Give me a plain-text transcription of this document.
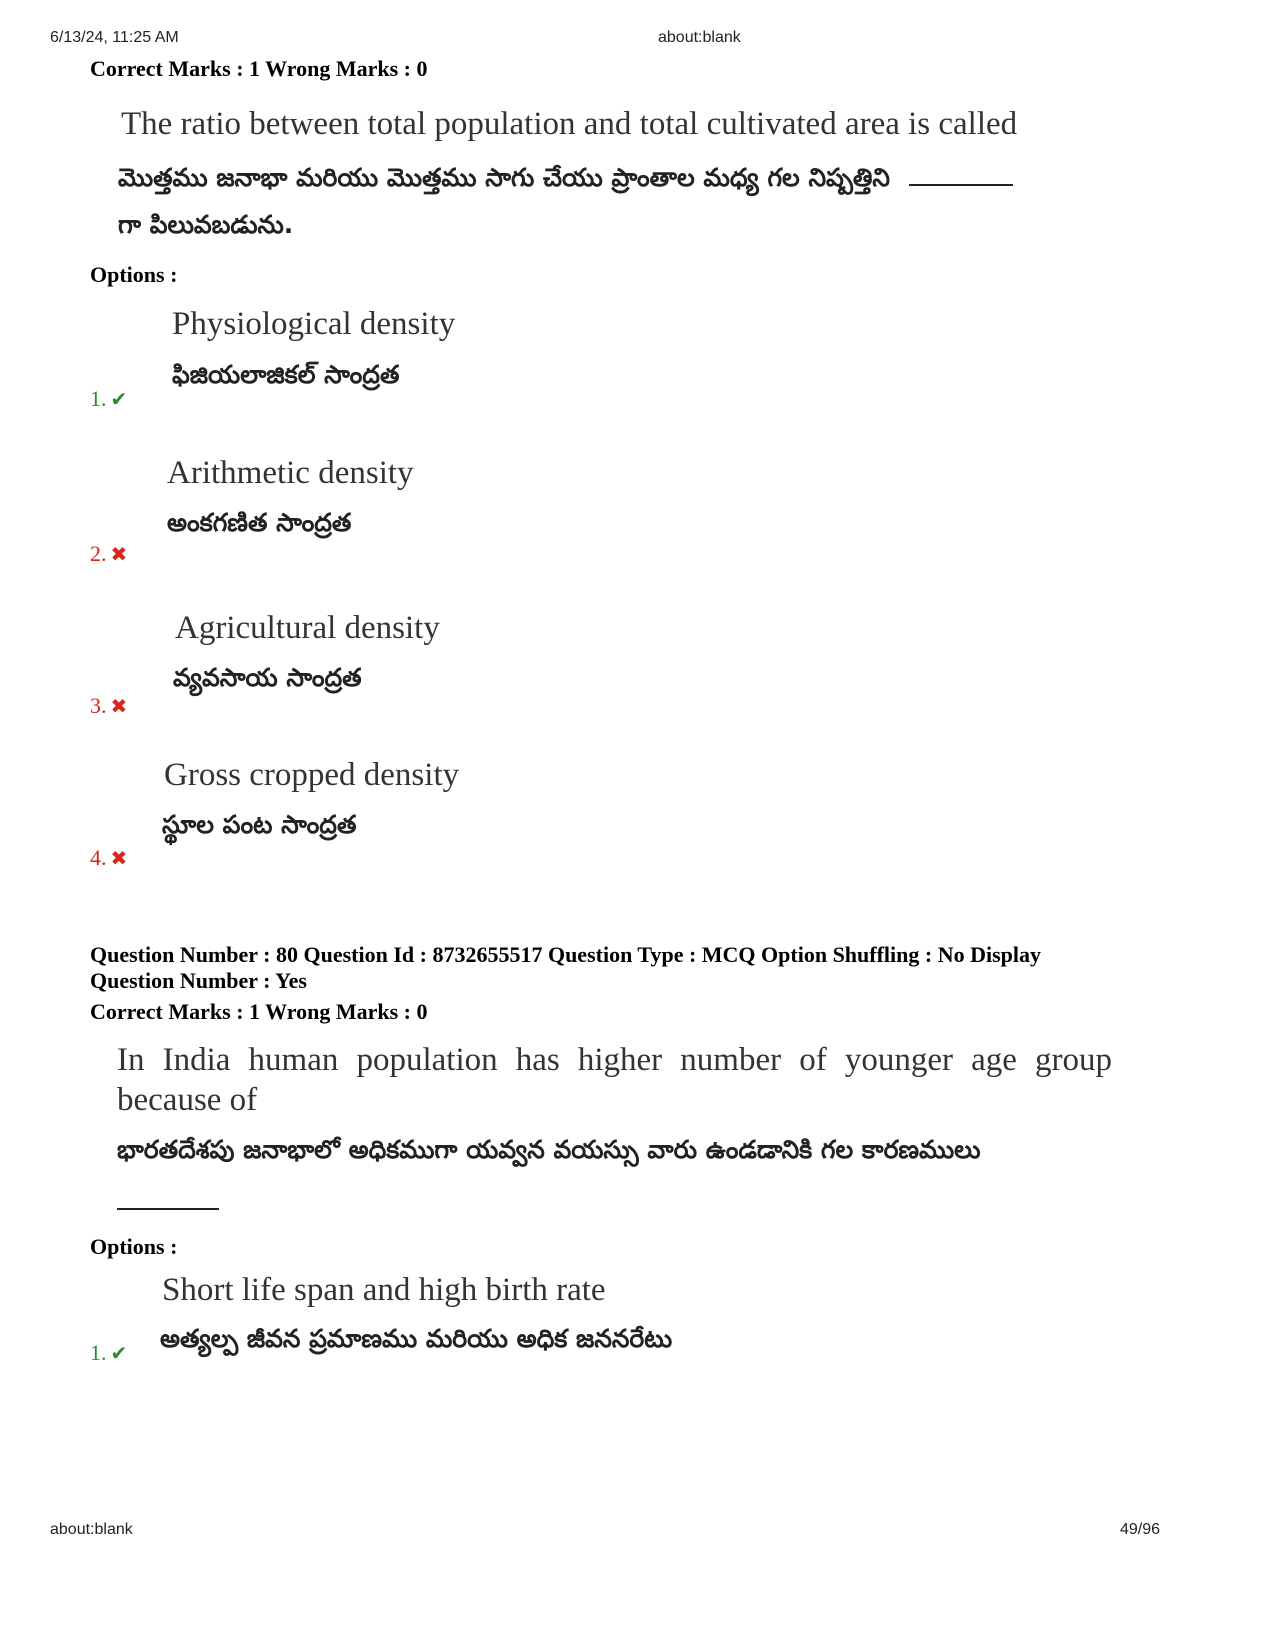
6/13/24, 11:25 AM	about:blank
Correct Marks : 1 Wrong Marks : 0
The ratio between total population and total cultivated area is called
మొత్తము జనాభా మరియు మొత్తము సాగు చేయు ప్రాంతాల మధ్య గల నిష్పత్తిని
గా పిలువబడును.
Options :
Physiological density
ఫిజియలాజికల్ సాంద్రత
1. ✔
Arithmetic density
అంకగణిత సాంద్రత
2. ✖
Agricultural density
వ్యవసాయ సాంద్రత
3. ✖
Gross cropped density
స్థూల పంట సాంద్రత
4. ✖
Question Number : 80 Question Id : 8732655517 Question Type : MCQ Option Shuffling : No Display
Question Number : Yes
Correct Marks : 1 Wrong Marks : 0
In India human population has higher number of younger age group
because of
భారతదేశపు జనాభాలో అధికముగా యవ్వన వయస్సు వారు ఉండడానికి గల కారణములు
Options :
Short life span and high birth rate
అత్యల్ప జీవన ప్రమాణము మరియు అధిక జననరేటు
1. ✔
about:blank	49/96
